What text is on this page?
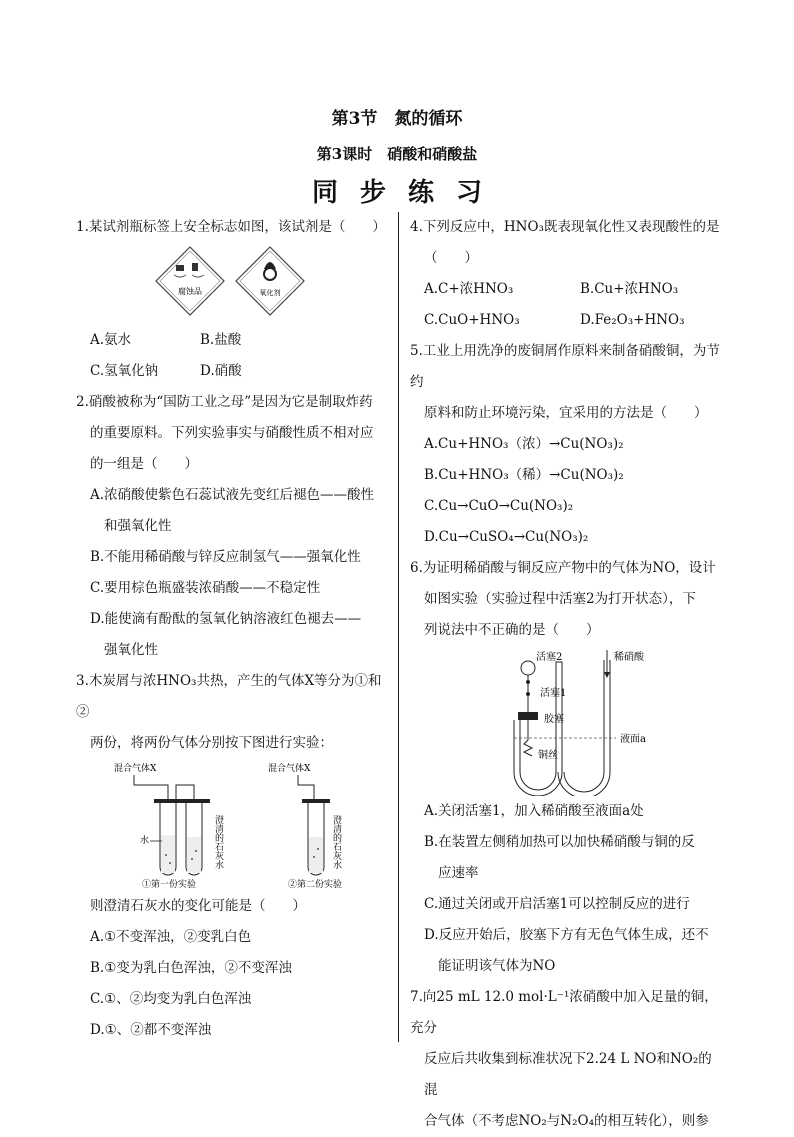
第3节　氮的循环
第3课时　硝酸和硝酸盐
同步练习

1.某试剂瓶标签上安全标志如图，该试剂是（　　）

腐蚀品	氧化剂
A.氨水	B.盐酸
C.氢氧化钠	D.硝酸

2.硝酸被称为“国防工业之母”是因为它是制取炸药

的重要原料。下列实验事实与硝酸性质不相对应

的一组是（　　）

A.浓硝酸使紫色石蕊试液先变红后褪色——酸性

和强氧化性

B.不能用稀硝酸与锌反应制氢气——强氧化性

C.要用棕色瓶盛装浓硝酸——不稳定性

D.能使滴有酚酞的氢氧化钠溶液红色褪去——

强氧化性

3.木炭屑与浓HNO₃共热，产生的气体X等分为①和②

两份，将两份气体分别按下图进行实验：

混合气体X
水	澄清的石灰水
①第一份实验
混合气体X
澄清的石灰水
②第二份实验

则澄清石灰水的变化可能是（　　）

A.①不变浑浊，②变乳白色

B.①变为乳白色浑浊，②不变浑浊

C.①、②均变为乳白色浑浊

D.①、②都不变浑浊

4.下列反应中，HNO₃既表现氧化性又表现酸性的是

（　　）

A.C+浓HNO₃	B.Cu+浓HNO₃
C.CuO+HNO₃	D.Fe₂O₃+HNO₃

5.工业上用洗净的废铜屑作原料来制备硝酸铜，为节约

原料和防止环境污染，宜采用的方法是（　　）

A.Cu+HNO₃（浓）→Cu(NO₃)₂

B.Cu+HNO₃（稀）→Cu(NO₃)₂

C.Cu→CuO→Cu(NO₃)₂

D.Cu→CuSO₄→Cu(NO₃)₂

6.为证明稀硝酸与铜反应产物中的气体为NO，设计

如图实验（实验过程中活塞2为打开状态），下

列说法中不正确的是（　　）

活塞2
活塞1
胶塞
铜丝
稀硝酸
液面a

A.关闭活塞1，加入稀硝酸至液面a处

B.在装置左侧稍加热可以加快稀硝酸与铜的反

应速率

C.通过关闭或开启活塞1可以控制反应的进行

D.反应开始后，胶塞下方有无色气体生成，还不

能证明该气体为NO

7.向25 mL 12.0 mol·L⁻¹浓硝酸中加入足量的铜，充分

反应后共收集到标准状况下2.24 L NO和NO₂的混

合气体（不考虑NO₂与N₂O₄的相互转化），则参
